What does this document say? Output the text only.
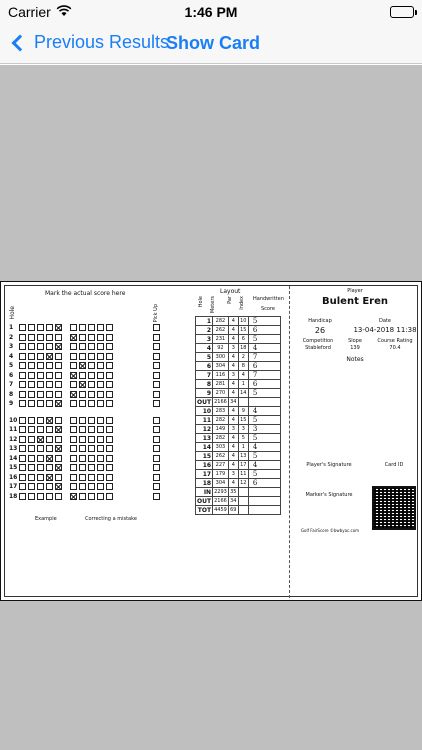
Carrier	1:46 PM
Previous Results
Show Card
Hole
Mark the actual score here
1
2
3
4
5
6
7
8
9
10
11
12
13
14
15
16
17
18
Pick Up
Layout
Hole Meters Par Index Handwritten
Score
1	282	4	10	5
2	262	4	15	6
3	231	4	6	5
4	92	3	18	4
5	300	4	2	7
6	304	4	8	6
7	116	3	4	7
8	281	4	1	6
9	270	4	14	5
OUT	2166	34		
10	283	4	9	4
11	282	4	15	5
12	149	3	3	3
13	282	4	5	5
14	303	4	1	4
15	262	4	13	5
16	227	4	17	4
17	179	3	11	5
18	304	4	12	6
IN	2293	35		
OUT	2166	34		
TOT	4459	69		
Player
Bulent Eren
Handicap
26
Date
13-04-2018 11:38
Competition
Stableford
Slope
139
Course Rating
70.4
Notes
Player's Signature
Marker's Signature
Card ID
Golf FairScore ©bwbyac.com
Example	Correcting a mistake
